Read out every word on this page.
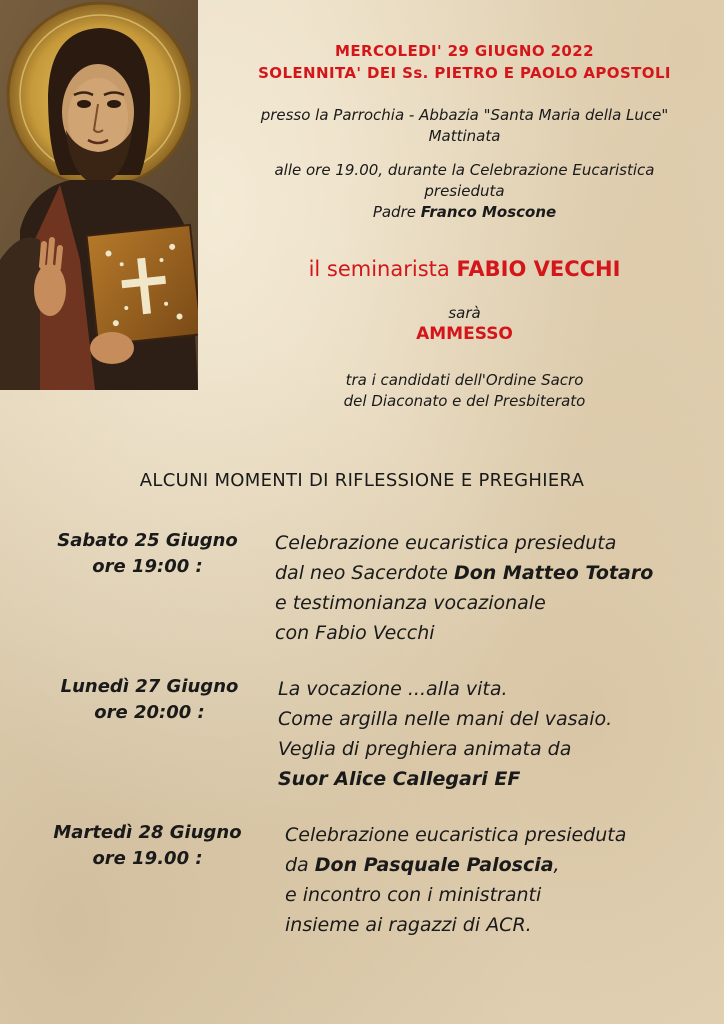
MERCOLEDI' 29 GIUGNO 2022
SOLENNITA' DEI Ss. PIETRO E PAOLO APOSTOLI
presso la Parrochia - Abbazia "Santa Maria della Luce"
Mattinata
alle ore 19.00, durante la Celebrazione Eucaristica
presieduta
Padre Franco Moscone
il seminarista FABIO VECCHI
sarà
AMMESSO
tra i candidati dell'Ordine Sacro
del Diaconato e del Presbiterato
ALCUNI MOMENTI DI RIFLESSIONE E PREGHIERA
Sabato 25 Giugno
ore 19:00 :
Celebrazione eucaristica presieduta
dal neo Sacerdote Don Matteo Totaro
e testimonianza vocazionale
con Fabio Vecchi
Lunedì 27 Giugno
ore 20:00 :
La vocazione ...alla vita.
Come argilla nelle mani del vasaio.
Veglia di preghiera animata da
Suor Alice Callegari EF
Martedì 28 Giugno
ore 19.00 :
Celebrazione eucaristica presieduta
da Don Pasquale Paloscia,
e incontro con i ministranti
insieme ai ragazzi di ACR.
